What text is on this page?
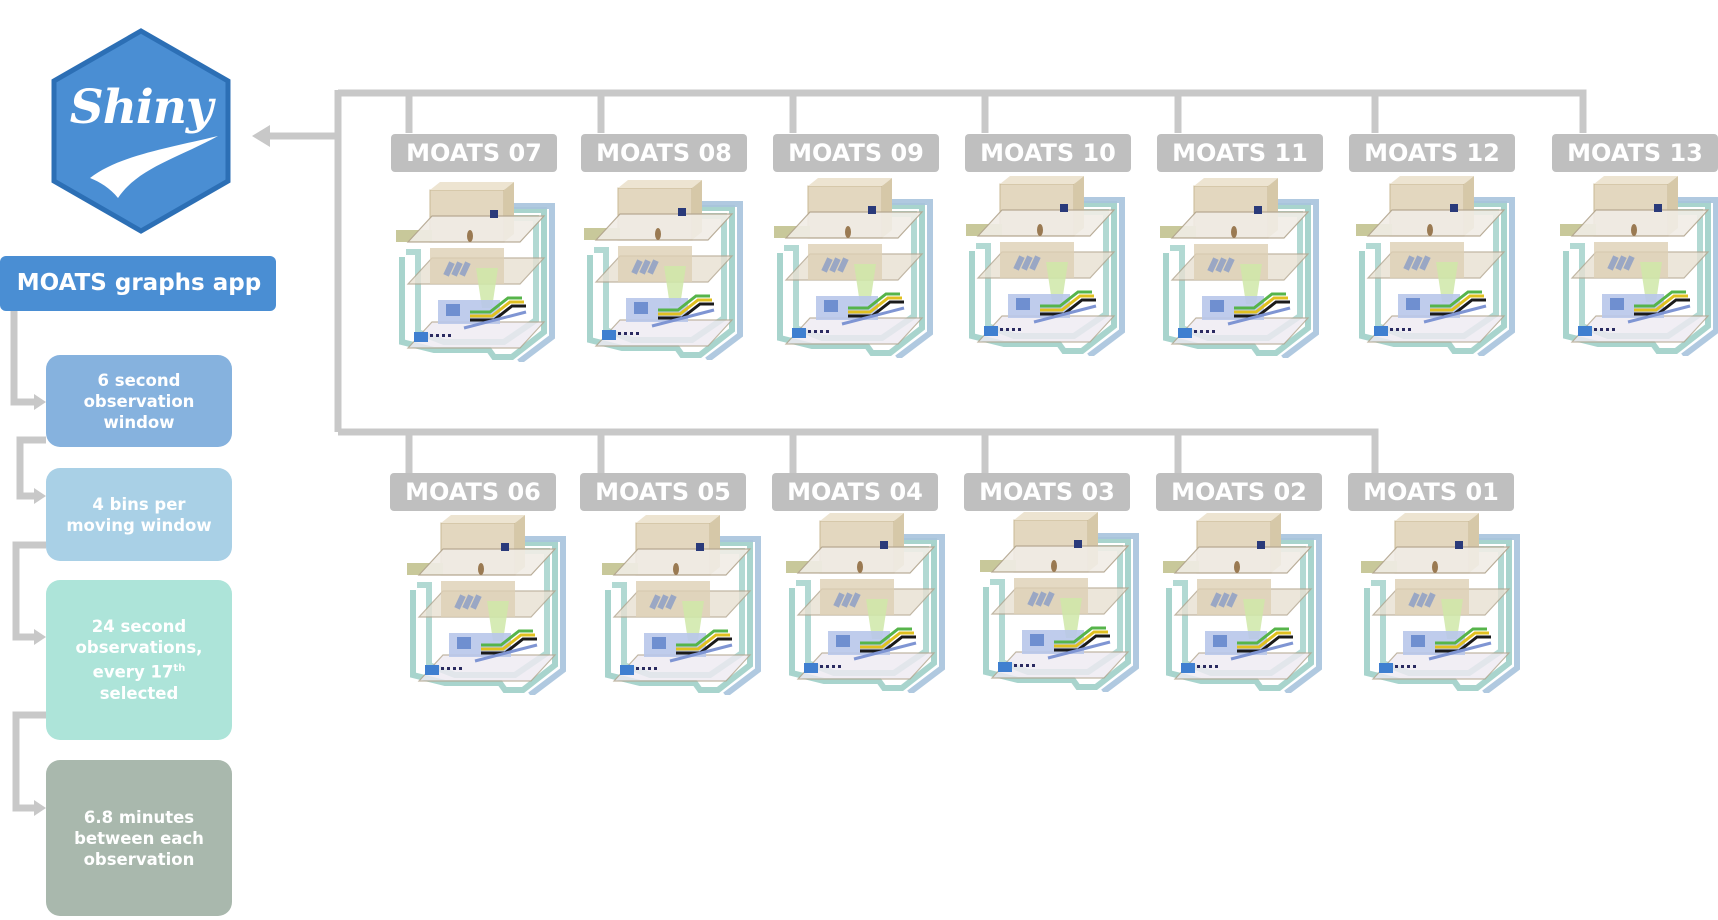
Shiny
MOATS graphs app
6 second
observation
window
4 bins per
moving window
24 second
observations,
every 17th
selected
6.8 minutes
between each
observation
MOATS 07	MOATS 08	MOATS 09	MOATS 10	MOATS 11	MOATS 12	MOATS 13
MOATS 06	MOATS 05	MOATS 04	MOATS 03	MOATS 02	MOATS 01
